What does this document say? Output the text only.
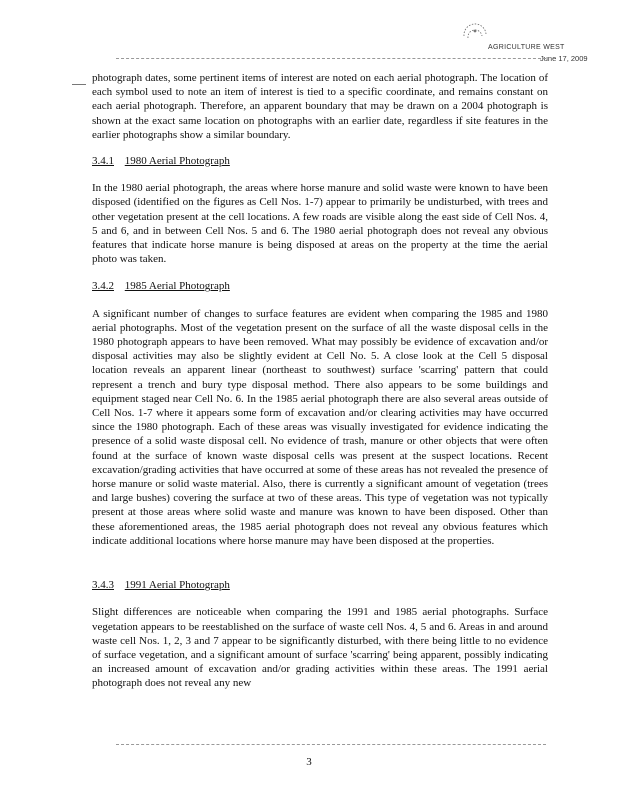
AGRICULTURE WEST
June 17, 2009

photograph dates, some pertinent items of interest are noted on each aerial photograph. The location of each symbol used to note an item of interest is tied to a specific coordinate, and remains constant on each aerial photograph. Therefore, an apparent boundary that may be drawn on a 2004 photograph is shown at the exact same location on photographs with an earlier date, regardless if site features in the earlier photographs show a similar boundary.

3.4.1 1980 Aerial Photograph

In the 1980 aerial photograph, the areas where horse manure and solid waste were known to have been disposed (identified on the figures as Cell Nos. 1-7) appear to primarily be undisturbed, with trees and other vegetation present at the cell locations. A few roads are visible along the east side of Cell Nos. 4, 5 and 6, and in between Cell Nos. 5 and 6. The 1980 aerial photograph does not reveal any obvious features that indicate horse manure is being disposed at areas on the property at the time the aerial photo was taken.

3.4.2 1985 Aerial Photograph

A significant number of changes to surface features are evident when comparing the 1985 and 1980 aerial photographs. Most of the vegetation present on the surface of all the waste disposal cells in the 1980 photograph appears to have been removed. What may possibly be evidence of excavation and/or disposal activities may also be slightly evident at Cell No. 5. A close look at the Cell 5 disposal location reveals an apparent linear (northeast to southwest) surface 'scarring' pattern that could represent a trench and bury type disposal method. There also appears to be some buildings and equipment staged near Cell No. 6. In the 1985 aerial photograph there are also several areas outside of Cell Nos. 1-7 where it appears some form of excavation and/or clearing activities may have occurred since the 1980 photograph. Each of these areas was visually investigated for evidence indicating the presence of a solid waste disposal cell. No evidence of trash, manure or other objects that were often found at the surface of known waste disposal cells was present at the suspect locations. Recent excavation/grading activities that have occurred at some of these areas has not revealed the presence of horse manure or solid waste material. Also, there is currently a significant amount of vegetation (trees and large bushes) covering the surface at two of these areas. This type of vegetation was not typically present at those areas where solid waste and manure was known to have been disposed. Other than these aforementioned areas, the 1985 aerial photograph does not reveal any obvious features which indicate additional locations where horse manure may have been disposed at the properties.

3.4.3 1991 Aerial Photograph

Slight differences are noticeable when comparing the 1991 and 1985 aerial photographs. Surface vegetation appears to be reestablished on the surface of waste cell Nos. 4, 5 and 6. Areas in and around waste cell Nos. 1, 2, 3 and 7 appear to be significantly disturbed, with there being little to no evidence of surface vegetation, and a significant amount of surface 'scarring' being apparent, possibly indicating an increased amount of excavation and/or grading activities within these areas. The 1991 aerial photograph does not reveal any new

3
